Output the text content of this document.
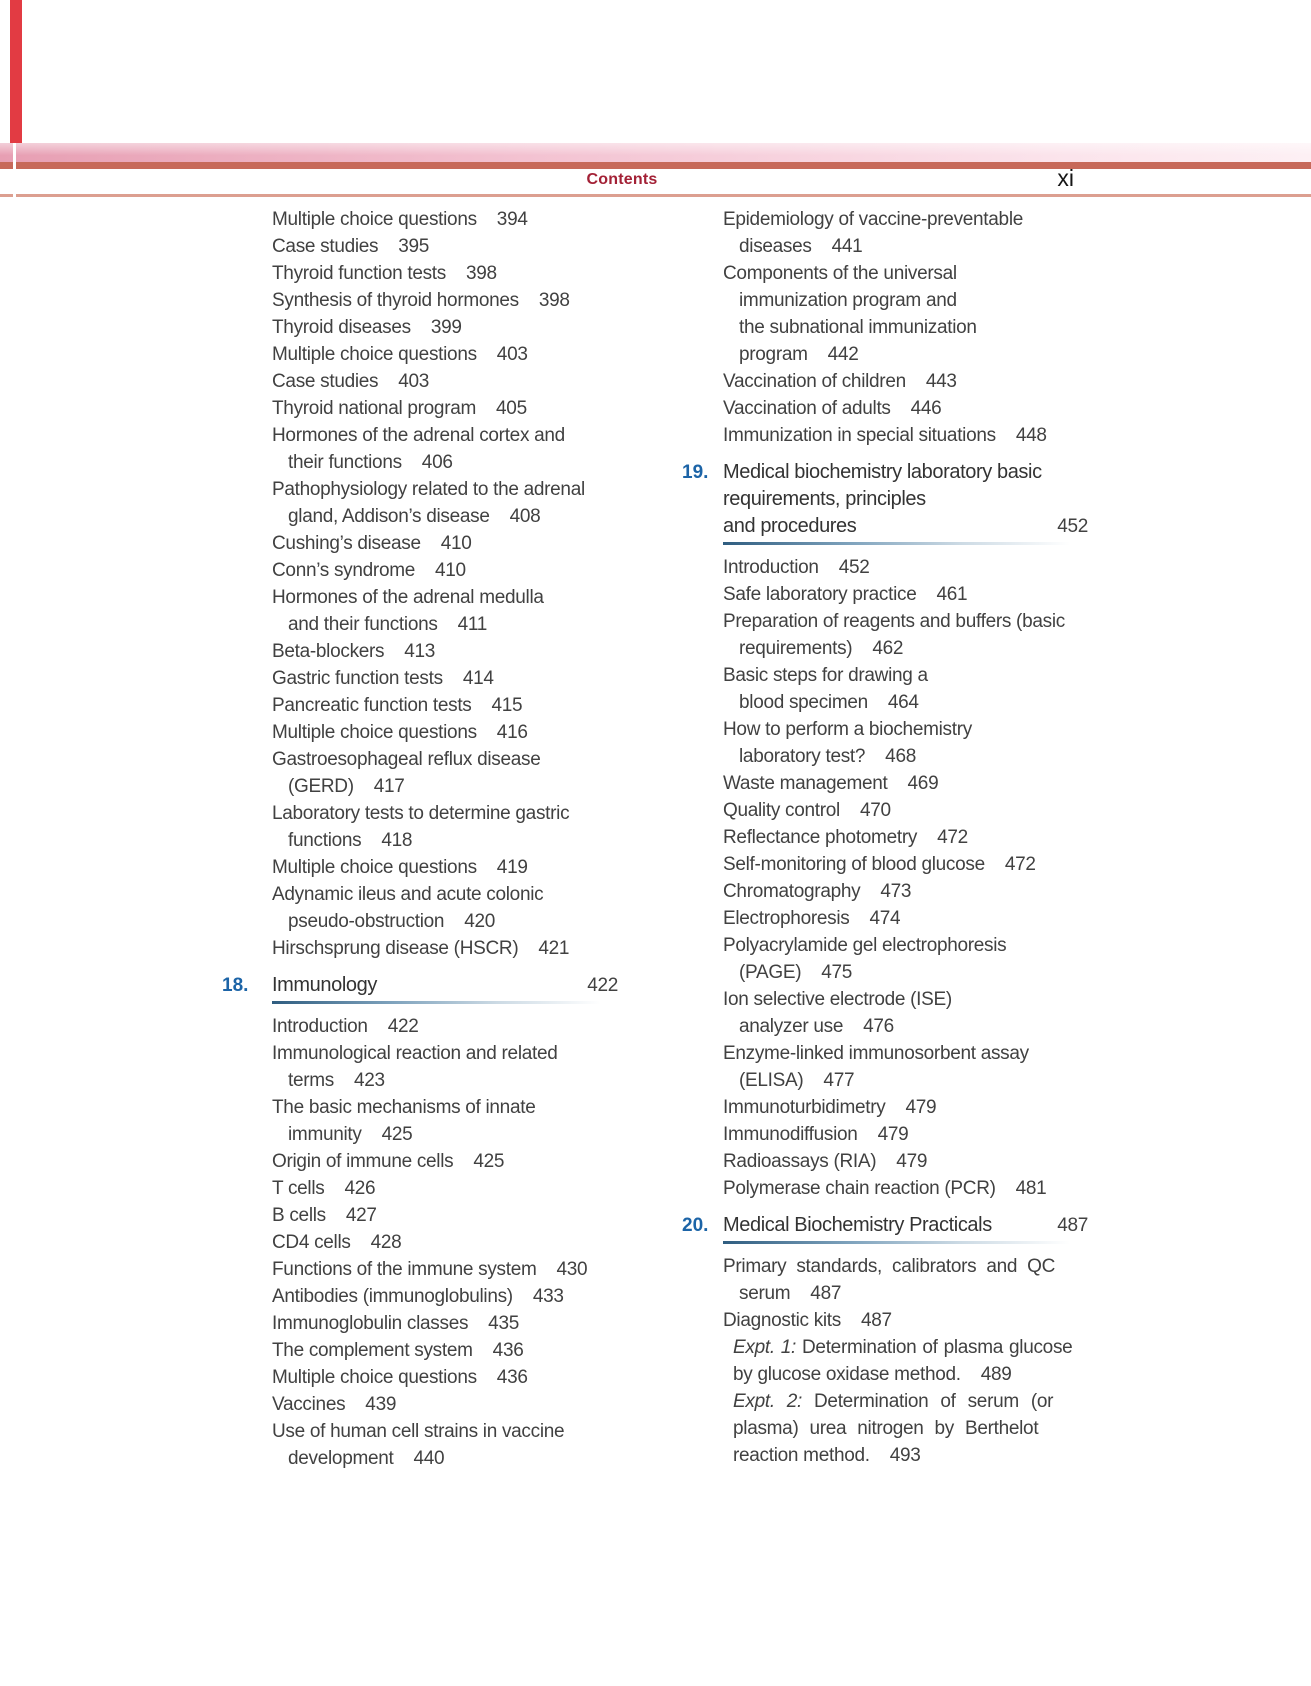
Contents	xi
Multiple choice questions 394
Case studies 395
Thyroid function tests 398
Synthesis of thyroid hormones 398
Thyroid diseases 399
Multiple choice questions 403
Case studies 403
Thyroid national program 405
Hormones of the adrenal cortex and
their functions 406
Pathophysiology related to the adrenal
gland, Addison’s disease 408
Cushing’s disease 410
Conn’s syndrome 410
Hormones of the adrenal medulla
and their functions 411
Beta-blockers 413
Gastric function tests 414
Pancreatic function tests 415
Multiple choice questions 416
Gastroesophageal reflux disease
(GERD) 417
Laboratory tests to determine gastric
functions 418
Multiple choice questions 419
Adynamic ileus and acute colonic
pseudo-obstruction 420
Hirschsprung disease (HSCR) 421
18. Immunology	422
Introduction 422
Immunological reaction and related
terms 423
The basic mechanisms of innate
immunity 425
Origin of immune cells 425
T cells 426
B cells 427
CD4 cells 428
Functions of the immune system 430
Antibodies (immunoglobulins) 433
Immunoglobulin classes 435
The complement system 436
Multiple choice questions 436
Vaccines 439
Use of human cell strains in vaccine
development 440
Epidemiology of vaccine-preventable
diseases 441
Components of the universal
immunization program and
the subnational immunization
program 442
Vaccination of children 443
Vaccination of adults 446
Immunization in special situations 448
19. Medical biochemistry laboratory basic
requirements, principles
and procedures	452
Introduction 452
Safe laboratory practice 461
Preparation of reagents and buffers (basic
requirements) 462
Basic steps for drawing a
blood specimen 464
How to perform a biochemistry
laboratory test? 468
Waste management 469
Quality control 470
Reflectance photometry 472
Self-monitoring of blood glucose 472
Chromatography 473
Electrophoresis 474
Polyacrylamide gel electrophoresis
(PAGE) 475
Ion selective electrode (ISE)
analyzer use 476
Enzyme-linked immunosorbent assay
(ELISA) 477
Immunoturbidimetry 479
Immunodiffusion 479
Radioassays (RIA) 479
Polymerase chain reaction (PCR) 481
20. Medical Biochemistry Practicals	487
Primary standards, calibrators and QC
serum 487
Diagnostic kits 487
Expt. 1: Determination of plasma glucose
by glucose oxidase method. 489
Expt. 2: Determination of serum (or
plasma) urea nitrogen by Berthelot
reaction method. 493
